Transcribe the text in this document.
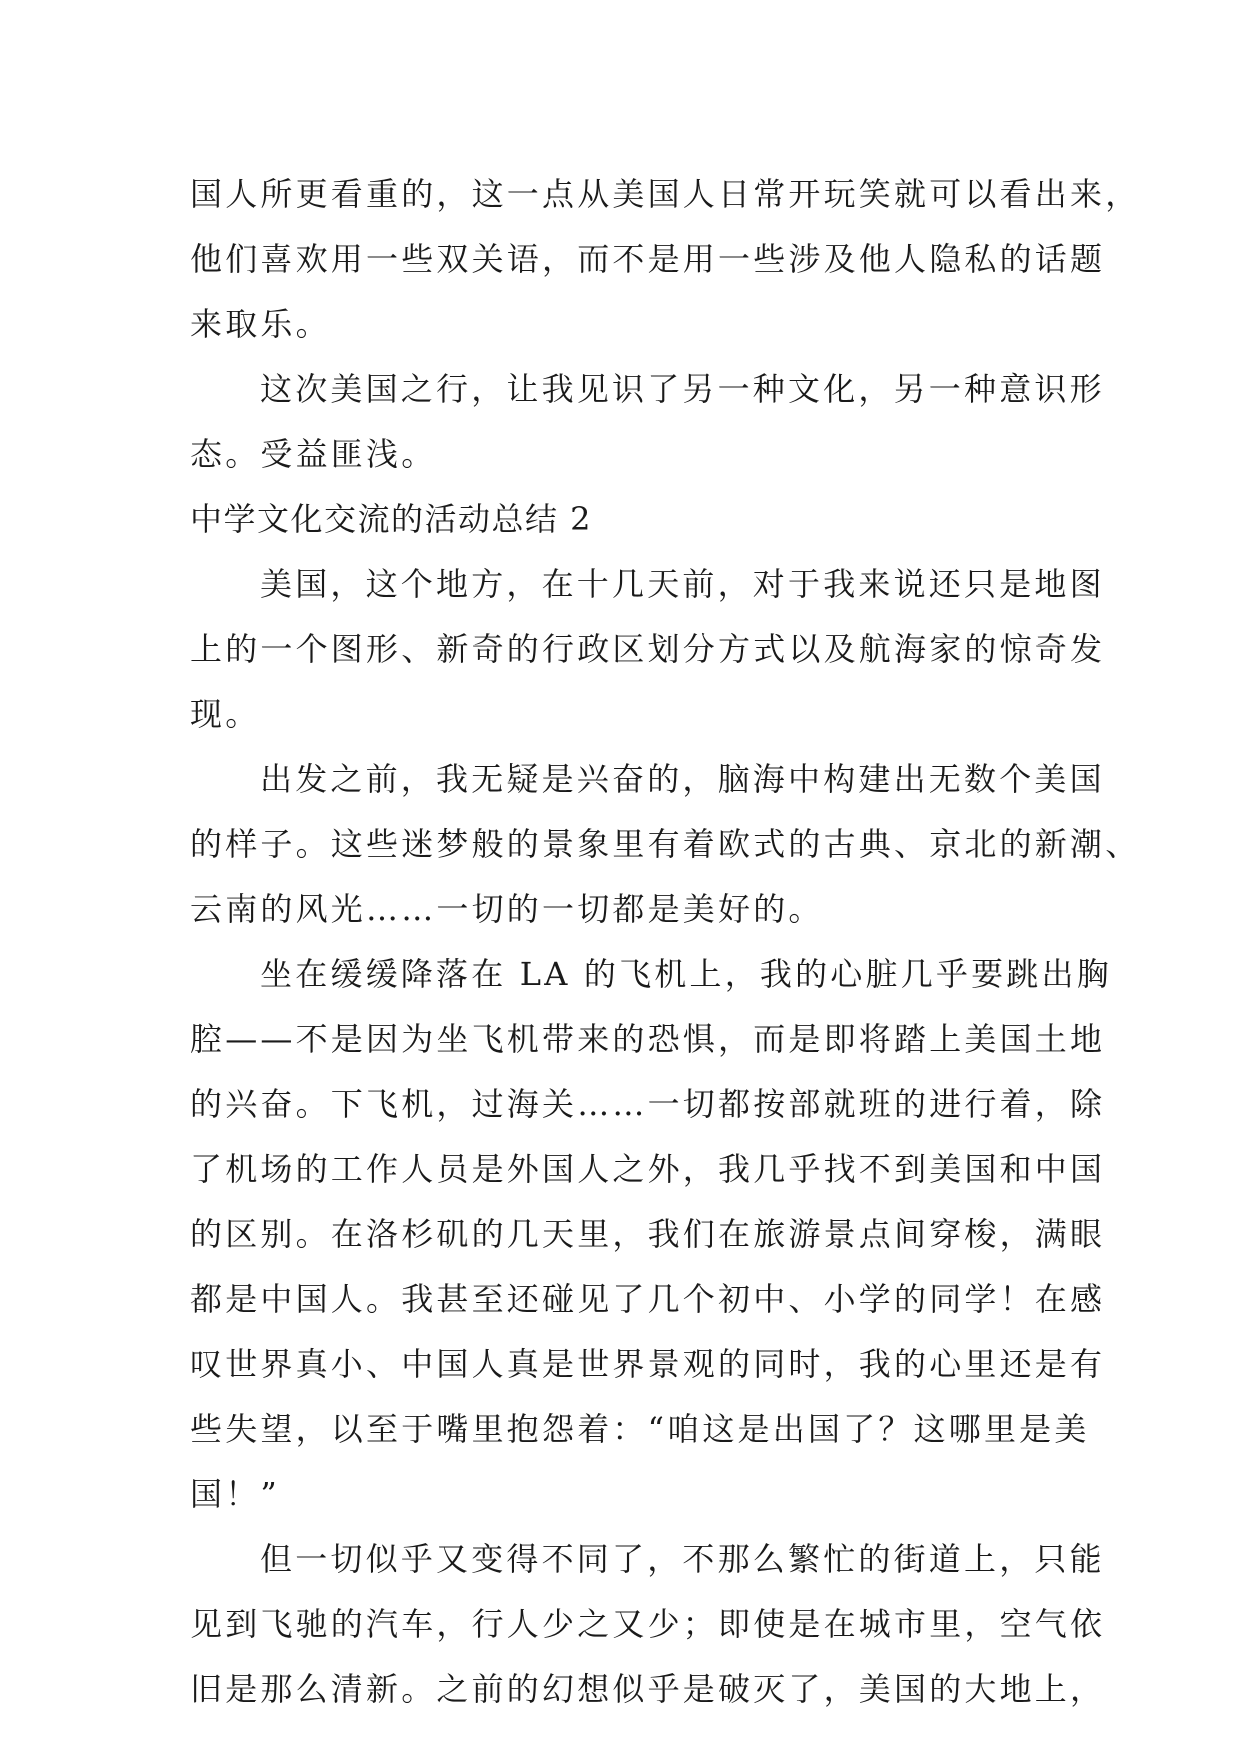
国人所更看重的，这一点从美国人日常开玩笑就可以看出来，
他们喜欢用一些双关语，而不是用一些涉及他人隐私的话题
来取乐。
这次美国之行，让我见识了另一种文化，另一种意识形
态。受益匪浅。
中学文化交流的活动总结 2
美国，这个地方，在十几天前，对于我来说还只是地图
上的一个图形、新奇的行政区划分方式以及航海家的惊奇发
现。
出发之前，我无疑是兴奋的，脑海中构建出无数个美国
的样子。这些迷梦般的景象里有着欧式的古典、京北的新潮、
云南的风光……一切的一切都是美好的。
坐在缓缓降落在 LA 的飞机上，我的心脏几乎要跳出胸
腔——不是因为坐飞机带来的恐惧，而是即将踏上美国土地
的兴奋。下飞机，过海关……一切都按部就班的进行着，除
了机场的工作人员是外国人之外，我几乎找不到美国和中国
的区别。在洛杉矶的几天里，我们在旅游景点间穿梭，满眼
都是中国人。我甚至还碰见了几个初中、小学的同学！在感
叹世界真小、中国人真是世界景观的同时，我的心里还是有
些失望，以至于嘴里抱怨着：“咱这是出国了？这哪里是美
国！”
但一切似乎又变得不同了，不那么繁忙的街道上，只能
见到飞驰的汽车，行人少之又少；即使是在城市里，空气依
旧是那么清新。之前的幻想似乎是破灭了，美国的大地上，
